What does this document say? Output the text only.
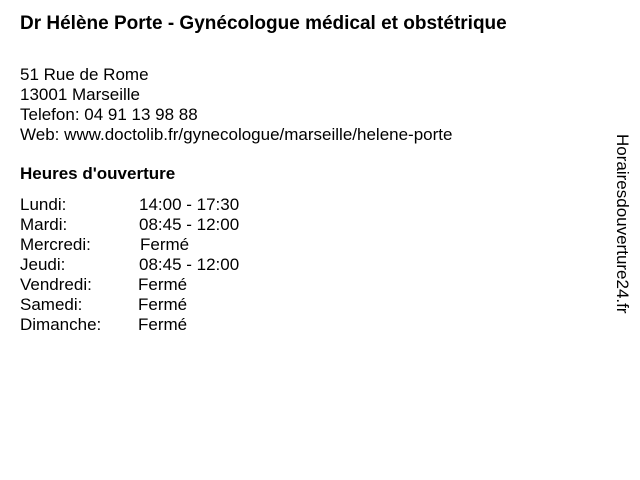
Dr Hélène Porte - Gynécologue médical et obstétrique
51 Rue de Rome
13001 Marseille
Telefon: 04 91 13 98 88
Web: www.doctolib.fr/gynecologue/marseille/helene-porte
Heures d'ouverture
Lundi:	14:00 - 17:30
Mardi:	08:45 - 12:00
Mercredi:	Fermé
Jeudi:	08:45 - 12:00
Vendredi:	Fermé
Samedi:	Fermé
Dimanche: Fermé
Horairesdouverture24.fr
